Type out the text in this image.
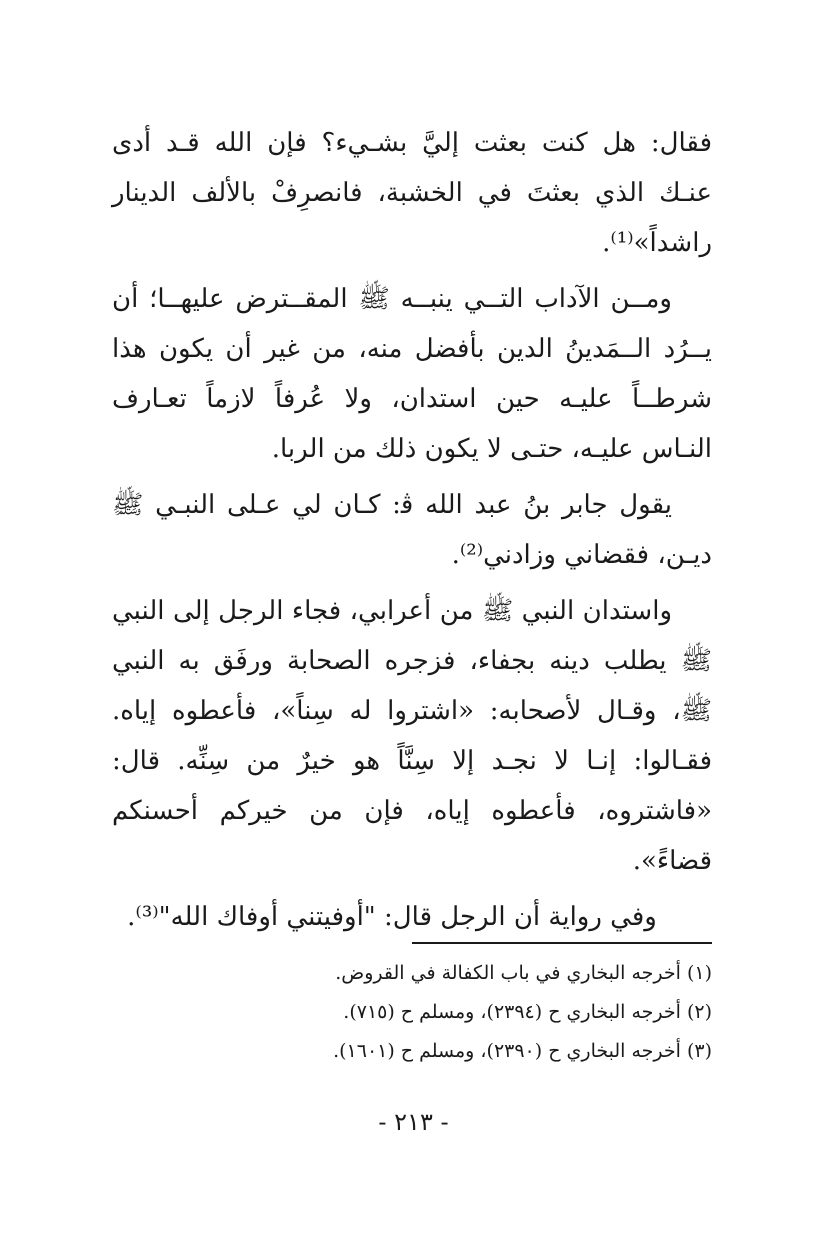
فقال: هل كنت بعثت إليَّ بشـيء؟ فإن الله قـد أدى عنـك الذي بعثتَ في الخشبة، فانصرِفْ بالألف الدينار راشداً»⁽¹⁾.

ومــن الآداب التــي ينبــه ﷺ المقــترض عليهــا؛ أن يــرُد الــمَدينُ الدين بأفضل منه، من غير أن يكون هذا شرطــاً عليـه حين استدان، ولا عُرفاً لازماً تعـارف النـاس عليـه، حتـى لا يكون ذلك من الربا.

يقول جابر بنُ عبد الله ﭬ: كـان لي عـلى النبـي ﷺ ديـن، فقضاني وزادني⁽²⁾.

واستدان النبي ﷺ من أعرابي، فجاء الرجل إلى النبي ﷺ يطلب دينه بجفاء، فزجره الصحابة ورفَق به النبي ﷺ، وقـال لأصحابه: «اشتروا له سِناً»، فأعطوه إياه. فقـالوا: إنـا لا نجـد إلا سِنَّاً هو خيرٌ من سِنِّه. قال: «فاشتروه، فأعطوه إياه، فإن من خيركم أحسنكم قضاءً».

وفي رواية أن الرجل قال: "أوفيتني أوفاك الله"⁽³⁾.

(١) أخرجه البخاري في باب الكفالة في القروض.
(٢) أخرجه البخاري ح (٢٣٩٤)، ومسلم ح (٧١٥).
(٣) أخرجه البخاري ح (٢٣٩٠)، ومسلم ح (١٦٠١).
- ٢١٣ -
